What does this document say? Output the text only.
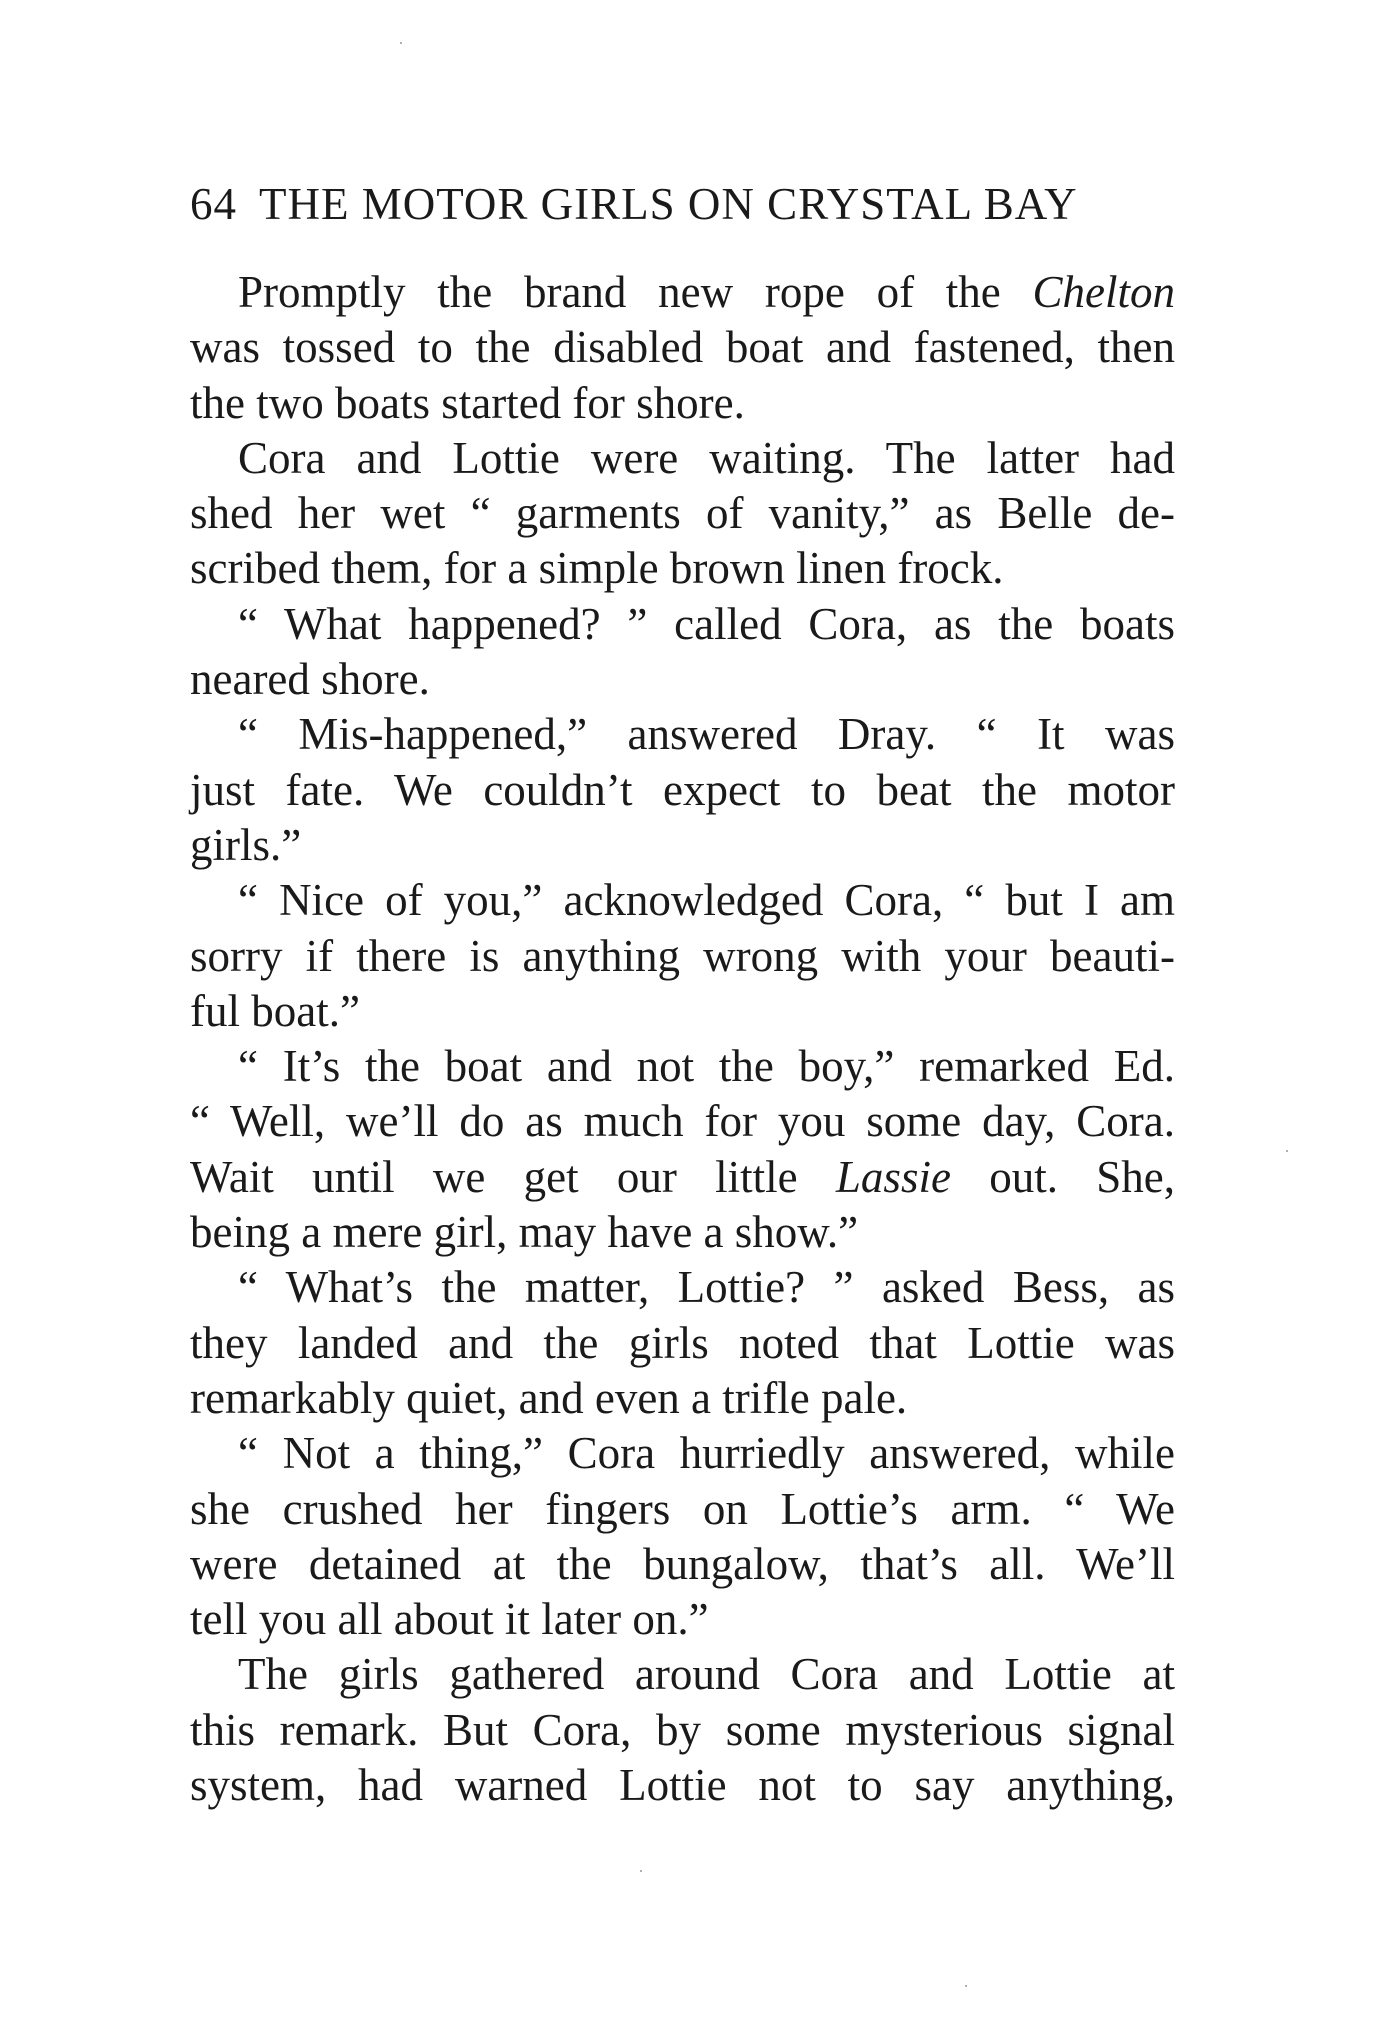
64 THE MOTOR GIRLS ON CRYSTAL BAY
Promptly the brand new rope of the Chelton
was tossed to the disabled boat and fastened, then
the two boats started for shore.
Cora and Lottie were waiting. The latter had
shed her wet “ garments of vanity,” as Belle de-
scribed them, for a simple brown linen frock.
“ What happened? ” called Cora, as the boats
neared shore.
“ Mis-happened,” answered Dray. “ It was
just fate. We couldn’t expect to beat the motor
girls.”
“ Nice of you,” acknowledged Cora, “ but I am
sorry if there is anything wrong with your beauti-
ful boat.”
“ It’s the boat and not the boy,” remarked Ed.
“ Well, we’ll do as much for you some day, Cora.
Wait until we get our little Lassie out. She,
being a mere girl, may have a show.”
“ What’s the matter, Lottie? ” asked Bess, as
they landed and the girls noted that Lottie was
remarkably quiet, and even a trifle pale.
“ Not a thing,” Cora hurriedly answered, while
she crushed her fingers on Lottie’s arm. “ We
were detained at the bungalow, that’s all. We’ll
tell you all about it later on.”
The girls gathered around Cora and Lottie at
this remark. But Cora, by some mysterious signal
system, had warned Lottie not to say anything,
